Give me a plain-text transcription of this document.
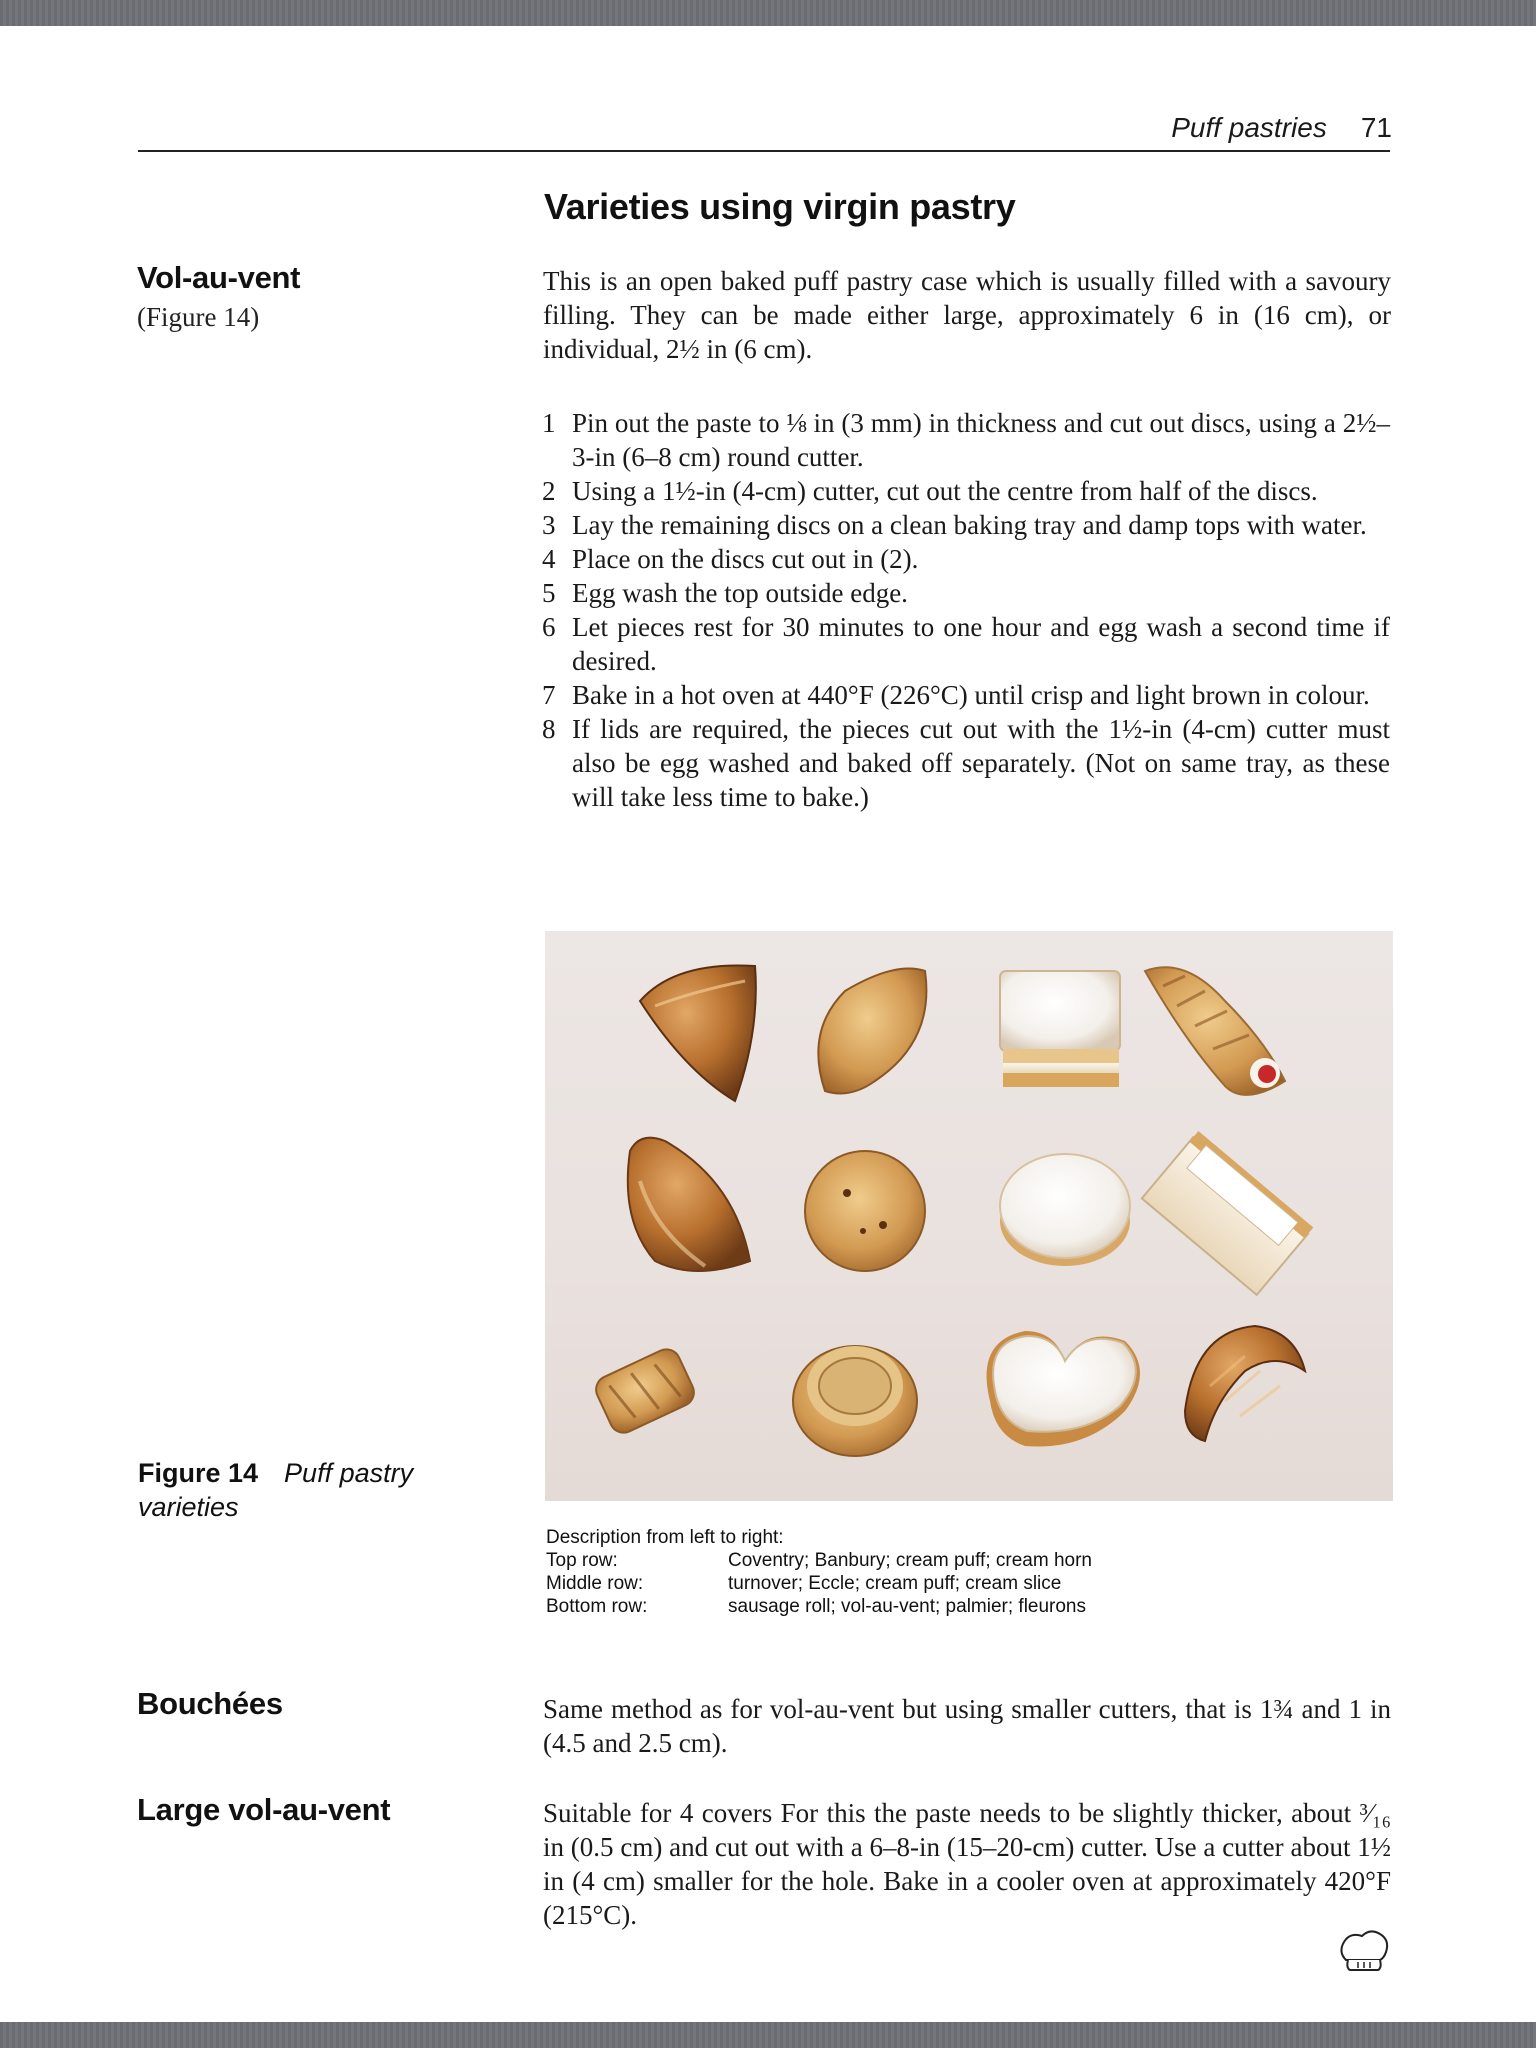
Puff pastries 71
Varieties using virgin pastry
Vol-au-vent
(Figure 14)
This is an open baked puff pastry case which is usually filled with a savoury filling. They can be made either large, approximately 6 in (16 cm), or individual, 2½ in (6 cm).
1 Pin out the paste to ⅛ in (3 mm) in thickness and cut out discs, using a 2½–3-in (6–8 cm) round cutter.
2 Using a 1½-in (4-cm) cutter, cut out the centre from half of the discs.
3 Lay the remaining discs on a clean baking tray and damp tops with water.
4 Place on the discs cut out in (2).
5 Egg wash the top outside edge.
6 Let pieces rest for 30 minutes to one hour and egg wash a second time if desired.
7 Bake in a hot oven at 440°F (226°C) until crisp and light brown in colour.
8 If lids are required, the pieces cut out with the 1½-in (4-cm) cutter must also be egg washed and baked off separately. (Not on same tray, as these will take less time to bake.)
Figure 14 Puff pastry varieties
Description from left to right:
Top row:	Coventry; Banbury; cream puff; cream horn
Middle row:	turnover; Eccle; cream puff; cream slice
Bottom row:	sausage roll; vol-au-vent; palmier; fleurons
Bouchées	Same method as for vol-au-vent but using smaller cutters, that is 1¾ and 1 in (4.5 and 2.5 cm).
Large vol-au-vent	Suitable for 4 covers For this the paste needs to be slightly thicker, about ³⁄₁₆ in (0.5 cm) and cut out with a 6–8-in (15–20-cm) cutter. Use a cutter about 1½ in (4 cm) smaller for the hole. Bake in a cooler oven at approximately 420°F (215°C).
